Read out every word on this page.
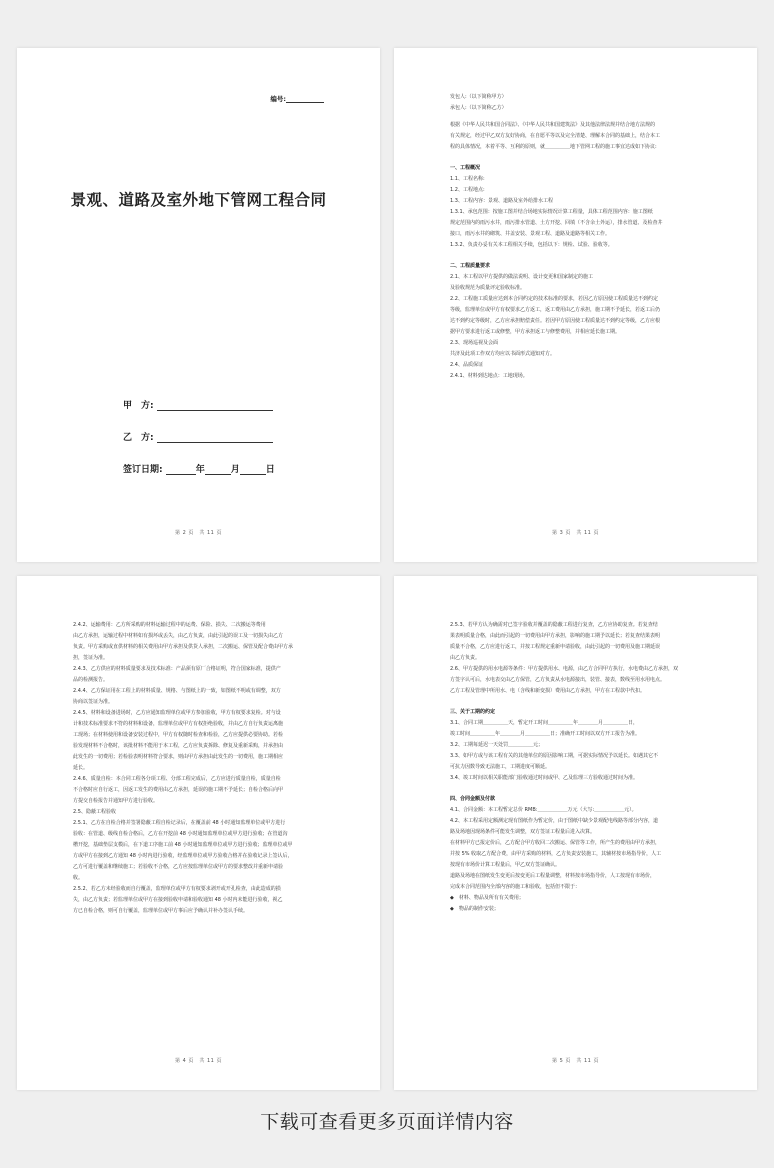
编号:
景观、道路及室外地下管网工程合同
甲　方:
乙　方:
签订日期:	年	月	日
第 2 页　共 11 页

发包人:（以下简称甲方）

承包人:（以下简称乙方）

根据《中华人民共和国合同法》、《中华人民共和国建筑法》及其他法律法规并结合地方法规的

有关规定，经过甲乙双方友好协商，在自愿平等以及完全清楚、理解本合同的基础上，结合本工

程的具体情况，本着平等、互利的原则，就＿＿＿＿＿地下管网工程的施工事宜达成如下协议:

一、工程概况

1.1、工程名称:

1.2、工程地点:

1.3、工程内容：景观、道路及室外给排水工程

1.3.1、承包范围：按施工图并结合场地实际情况计算工程量，具体工程范围内容：施工图纸

规定范围内的雨污水井，雨污排水管道、土方开挖、回填（不含余土外运），排水管道、及检查井

接口，雨污水井的砌筑、井盖安装、景观工程、道路及道路等相关工作。

1.3.2、负责办妥有关本工程相关手续，包括以下：规检、试验、验收等。

二、工程质量要求

2.1、本工程以甲方提供的做法说明、设计变更和国家制定的施工

及验收规范为质量评定验收标准。

2.2、工程施工质量应达到本合同约定的技术标准的要求，若因乙方原因使工程质量达不到约定

等级，监理单位或甲方有权要求乙方返工，返工费用由乙方承担，施工期不予延长，若返工后仍

达不到约定等级时，乙方应承担赔偿责任。若因甲方原因使工程质量达不到约定等级，乙方应根

据甲方要求进行返工或修整，甲方承担返工与修整费用，并相应延长施工期。

2.3、现场巡视及会面

共济及此项工作双方均应以书面形式通知对方。

2.4、品质保证

2.4.1、材料到达地点：工地现场。

第 3 页　共 11 页

2.4.2、运输费用：乙方所采购的材料运输过程中的运费、保险、损失、二次搬运等费用

由乙方承担，运输过程中材料如有损坏或丢失，由乙方负责，由此引起的误工及一切损失由乙方

负责。甲方采购或直供材料的相关费用由甲方承担及供货人承担，二次搬运、保管及配合费由甲方承

担，签证为准。

2.4.3、乙方供应的材料质量要求及技术标准：产品须有原厂合格证明，符合国家标准，提供产

品的检测报告。

2.4.4、乙方保证用在工程上的材料质量、规格、与图纸上的一致，如图纸不明或有调整，双方

协商以签证为准。

2.4.5、材料和设备进场时，乙方应通知监理单位或甲方参加验收，甲方有权要求复检。对与设

计和技术标准要求不符的材料和设备，监理单位或甲方有权拒绝验收，并由乙方自行负责运离施

工现场；在材料使用和设备安装过程中，甲方有权随时检查和检验，乙方应提供必要协助。若检

验发现材料不合格时，该批材料不能用于本工程，乙方应负责拆除、修复及重新采购，并承担由

此发生的一切费用；若检验表明材料符合要求，则由甲方承担由此发生的一切费用，施工期相应

延长。

2.4.6、质量自检：本合同工程各分项工程、分部工程完成后，乙方应进行质量自检，质量自检

不合格时应自行返工，因返工发生的费用由乙方承担，延误的施工期不予延长；自检合格后向甲

方提交自检报告并通知甲方进行验收。

2.5、隐蔽工程验收

2.5.1、乙方在自检合格并签署隐蔽工程自检记录后，在覆盖前 48 小时通知监理单位或甲方进行

验收：在管道、级线自检合格后，乙方在开挖前 48 小时通知监理单位或甲方进行验收；在管道沟

槽开挖，基础垫层支模后，在下道工序施工前 48 小时通知监理单位或甲方进行验收；监理单位或甲

方或甲方在接到乙方通知 48 小时内进行验收，经监理单位或甲方验收合格并在验收记录上签认后，

乙方可进行覆盖和继续施工；若验收不合格，乙方应按监理单位或甲方的要求整改并重新申请验

收。

2.5.2、若乙方未经验收而自行覆盖，监理单位或甲方有权要求剥开或开孔检查，由此造成的损

失，由乙方负责；若监理单位或甲方在接到验收申请和验收通知 48 小时内未能进行验收，视乙

方已自检合格，则可自行覆盖，监理单位或甲方事后应予确认并补办签认手续。

第 4 页　共 11 页

2.5.3、若甲方认为确需对已签字验收并覆盖的隐蔽工程进行复查，乙方应协助复查。若复查结

果表明质量合格，由此而引起的一切费用由甲方承担，影响的施工期予以延长；若复查结果表明

质量不合格，乙方应进行返工，并按工程规定重新申请验收，由此引起的一切费用及施工期延误

由乙方负责。

2.6、甲方提供的用水电源等条件：甲方提供用水、电源，由乙方合同甲方执行，水电费由乙方承担，双

方签字认可后，水电表交由乙方保管，乙方负责从水电源接出，装管、接表，数线至用水用电点。

乙方工程及管理中所用水、电（含线和新变损）费用由乙方承担，甲方在工程款中代扣。

三、关于工期的约定

3.1、合同工期＿＿＿＿＿天，暂定开工时间＿＿＿＿＿年＿＿＿＿月＿＿＿＿＿日，

竣工时间＿＿＿＿＿年＿＿＿＿月＿＿＿＿＿日；准确开工时间以双方开工报告为准。

3.2、工期每延迟一天处罚＿＿＿＿＿元；

3.3、如甲方或与该工程有关的其他单位的原因影响工期，可据实际情况予以延长。如遇其它不

可抗力因数导致无法施工，工期进度可顺延。

3.4、竣工时间以相关职能部门验收通过时间或甲、乙及监理三方验收通过时间为准。

四、合同金额及付款

4.1、合同金额：本工程暂定总价 RMB:＿＿＿＿＿＿万元（大写:＿＿＿＿＿＿元）。

4.2、本工程采用定额测定现有图纸作为暂定价，由于图纸中缺少景观配电线路等部分内容，道

路及场地因现场条件可能发生调整，双方签证工程量后进入决算。

在材料甲方已报定价后，乙方配合甲方收回二次搬运、保管等工作，所产生的费用由甲方承担，

并按 5% 收取乙方配合费，由甲方采购的材料，乙方负责安装施工，其辅材按市场指导价，人工

按现有市场价计算工程量后，甲乙双方签证确认。

道路及场地在图纸发生变更后按变更后工程量调整，材料按市场指导价，人工按现有市场价，

完成本合同范围内全部内容的施工和验收，包括但不限于：

◆　材料、物品及所有有关费用；

◆　物品的制作安装；

第 5 页　共 11 页
下载可查看更多页面详情内容
